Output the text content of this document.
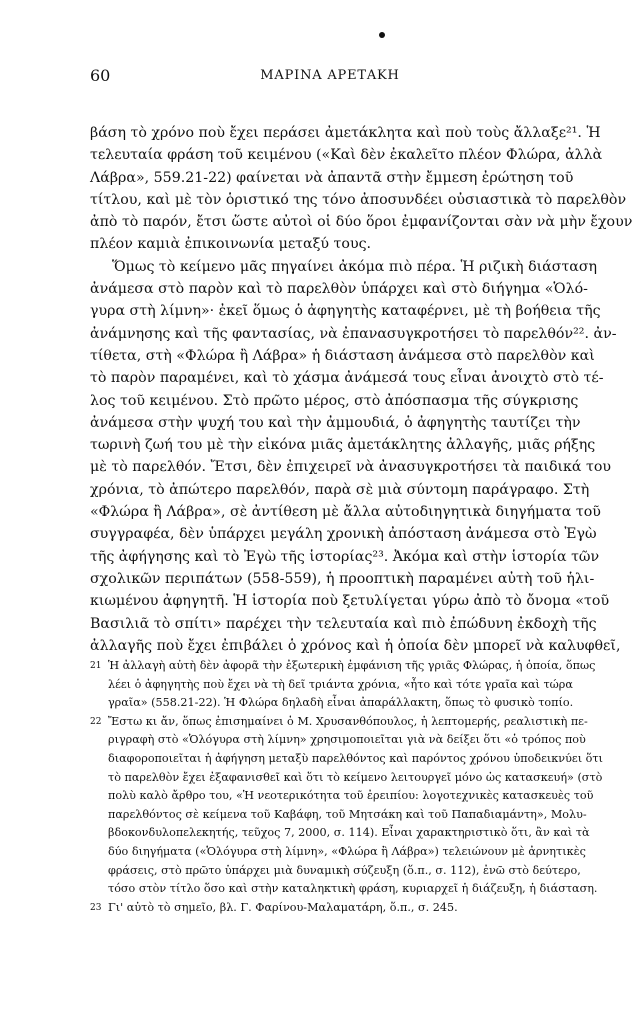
60	ΜΑΡΙΝΑ ΑΡΕΤΑΚΗ
βάση τὸ χρόνο ποὺ ἔχει περάσει ἀμετάκλητα καὶ ποὺ τοὺς ἄλλαξε²¹. Ἡ
τελευταία φράση τοῦ κειμένου («Καὶ δὲν ἐκαλεῖτο πλέον Φλώρα, ἀλλὰ
Λάβρα», 559.21-22) φαίνεται νὰ ἀπαντᾶ στὴν ἔμμεση ἐρώτηση τοῦ
τίτλου, καὶ μὲ τὸν ὁριστικό της τόνο ἀποσυνδέει οὐσιαστικὰ τὸ παρελθὸν
ἀπὸ τὸ παρόν, ἔτσι ὥστε αὐτοὶ οἱ δύο ὅροι ἐμφανίζονται σὰν νὰ μὴν ἔχουν
πλέον καμιὰ ἐπικοινωνία μεταξύ τους.
Ὅμως τὸ κείμενο μᾶς πηγαίνει ἀκόμα πιὸ πέρα. Ἡ ριζικὴ διάσταση
ἀνάμεσα στὸ παρὸν καὶ τὸ παρελθὸν ὑπάρχει καὶ στὸ διήγημα «Ὁλό-
γυρα στὴ λίμνη»· ἐκεῖ ὅμως ὁ ἀφηγητὴς καταφέρνει, μὲ τὴ βοήθεια τῆς
ἀνάμνησης καὶ τῆς φαντασίας, νὰ ἐπανασυγκροτήσει τὸ παρελθόν²². ἀν-
τίθετα, στὴ «Φλώρα ἢ Λάβρα» ἡ διάσταση ἀνάμεσα στὸ παρελθὸν καὶ
τὸ παρὸν παραμένει, καὶ τὸ χάσμα ἀνάμεσά τους εἶναι ἀνοιχτὸ στὸ τέ-
λος τοῦ κειμένου. Στὸ πρῶτο μέρος, στὸ ἀπόσπασμα τῆς σύγκρισης
ἀνάμεσα στὴν ψυχή του καὶ τὴν ἀμμουδιά, ὁ ἀφηγητὴς ταυτίζει τὴν
τωρινὴ ζωή του μὲ τὴν εἰκόνα μιᾶς ἀμετάκλητης ἀλλαγῆς, μιᾶς ρήξης
μὲ τὸ παρελθόν. Ἔτσι, δὲν ἐπιχειρεῖ νὰ ἀνασυγκροτήσει τὰ παιδικά του
χρόνια, τὸ ἀπώτερο παρελθόν, παρὰ σὲ μιὰ σύντομη παράγραφο. Στὴ
«Φλώρα ἢ Λάβρα», σὲ ἀντίθεση μὲ ἄλλα αὐτοδιηγητικὰ διηγήματα τοῦ
συγγραφέα, δὲν ὑπάρχει μεγάλη χρονικὴ ἀπόσταση ἀνάμεσα στὸ Ἐγὼ
τῆς ἀφήγησης καὶ τὸ Ἐγὼ τῆς ἱστορίας²³. Ἀκόμα καὶ στὴν ἱστορία τῶν
σχολικῶν περιπάτων (558-559), ἡ προοπτικὴ παραμένει αὐτὴ τοῦ ἡλι-
κιωμένου ἀφηγητῆ. Ἡ ἱστορία ποὺ ξετυλίγεται γύρω ἀπὸ τὸ ὄνομα «τοῦ
Βασιλιᾶ τὸ σπίτι» παρέχει τὴν τελευταία καὶ πιὸ ἐπώδυνη ἐκδοχὴ τῆς
ἀλλαγῆς ποὺ ἔχει ἐπιβάλει ὁ χρόνος καὶ ἡ ὁποία δὲν μπορεῖ νὰ καλυφθεῖ,
21 Ἡ ἀλλαγὴ αὐτὴ δὲν ἀφορᾶ τὴν ἐξωτερικὴ ἐμφάνιση τῆς γριᾶς Φλώρας, ἡ ὁποία, ὅπως
λέει ὁ ἀφηγητὴς ποὺ ἔχει νὰ τὴ δεῖ τριάντα χρόνια, «ἦτο καὶ τότε γραῖα καὶ τώρα
γραῖα» (558.21-22). Ἡ Φλώρα δηλαδὴ εἶναι ἀπαράλλακτη, ὅπως τὸ φυσικὸ τοπίο.
22 Ἔστω κι ἄν, ὅπως ἐπισημαίνει ὁ Μ. Χρυσανθόπουλος, ἡ λεπτομερής, ρεαλιστικὴ πε-
ριγραφὴ στὸ «Ὁλόγυρα στὴ λίμνη» χρησιμοποιεῖται γιὰ νὰ δείξει ὅτι «ὁ τρόπος ποὺ
διαφοροποιεῖται ἡ ἀφήγηση μεταξὺ παρελθόντος καὶ παρόντος χρόνου ὑποδεικνύει ὅτι
τὸ παρελθὸν ἔχει ἐξαφανισθεῖ καὶ ὅτι τὸ κείμενο λειτουργεῖ μόνο ὡς κατασκευή» (στὸ
πολὺ καλὸ ἄρθρο του, «Ἡ νεοτερικότητα τοῦ ἐρειπίου: λογοτεχνικὲς κατασκευὲς τοῦ
παρελθόντος σὲ κείμενα τοῦ Καβάφη, τοῦ Μητσάκη καὶ τοῦ Παπαδιαμάντη», Μολυ-
βδοκονδυλοπελεκητής, τεῦχος 7, 2000, σ. 114). Εἶναι χαρακτηριστικὸ ὅτι, ἂν καὶ τὰ
δύο διηγήματα («Ὁλόγυρα στὴ λίμνη», «Φλώρα ἢ Λάβρα») τελειώνουν μὲ ἀρνητικὲς
φράσεις, στὸ πρῶτο ὑπάρχει μιὰ δυναμικὴ σύζευξη (ὅ.π., σ. 112), ἐνῶ στὸ δεύτερο,
τόσο στὸν τίτλο ὅσο καὶ στὴν καταληκτικὴ φράση, κυριαρχεῖ ἡ διάζευξη, ἡ διάσταση.
23 Γι' αὐτὸ τὸ σημεῖο, βλ. Γ. Φαρίνου-Μαλαματάρη, ὅ.π., σ. 245.
